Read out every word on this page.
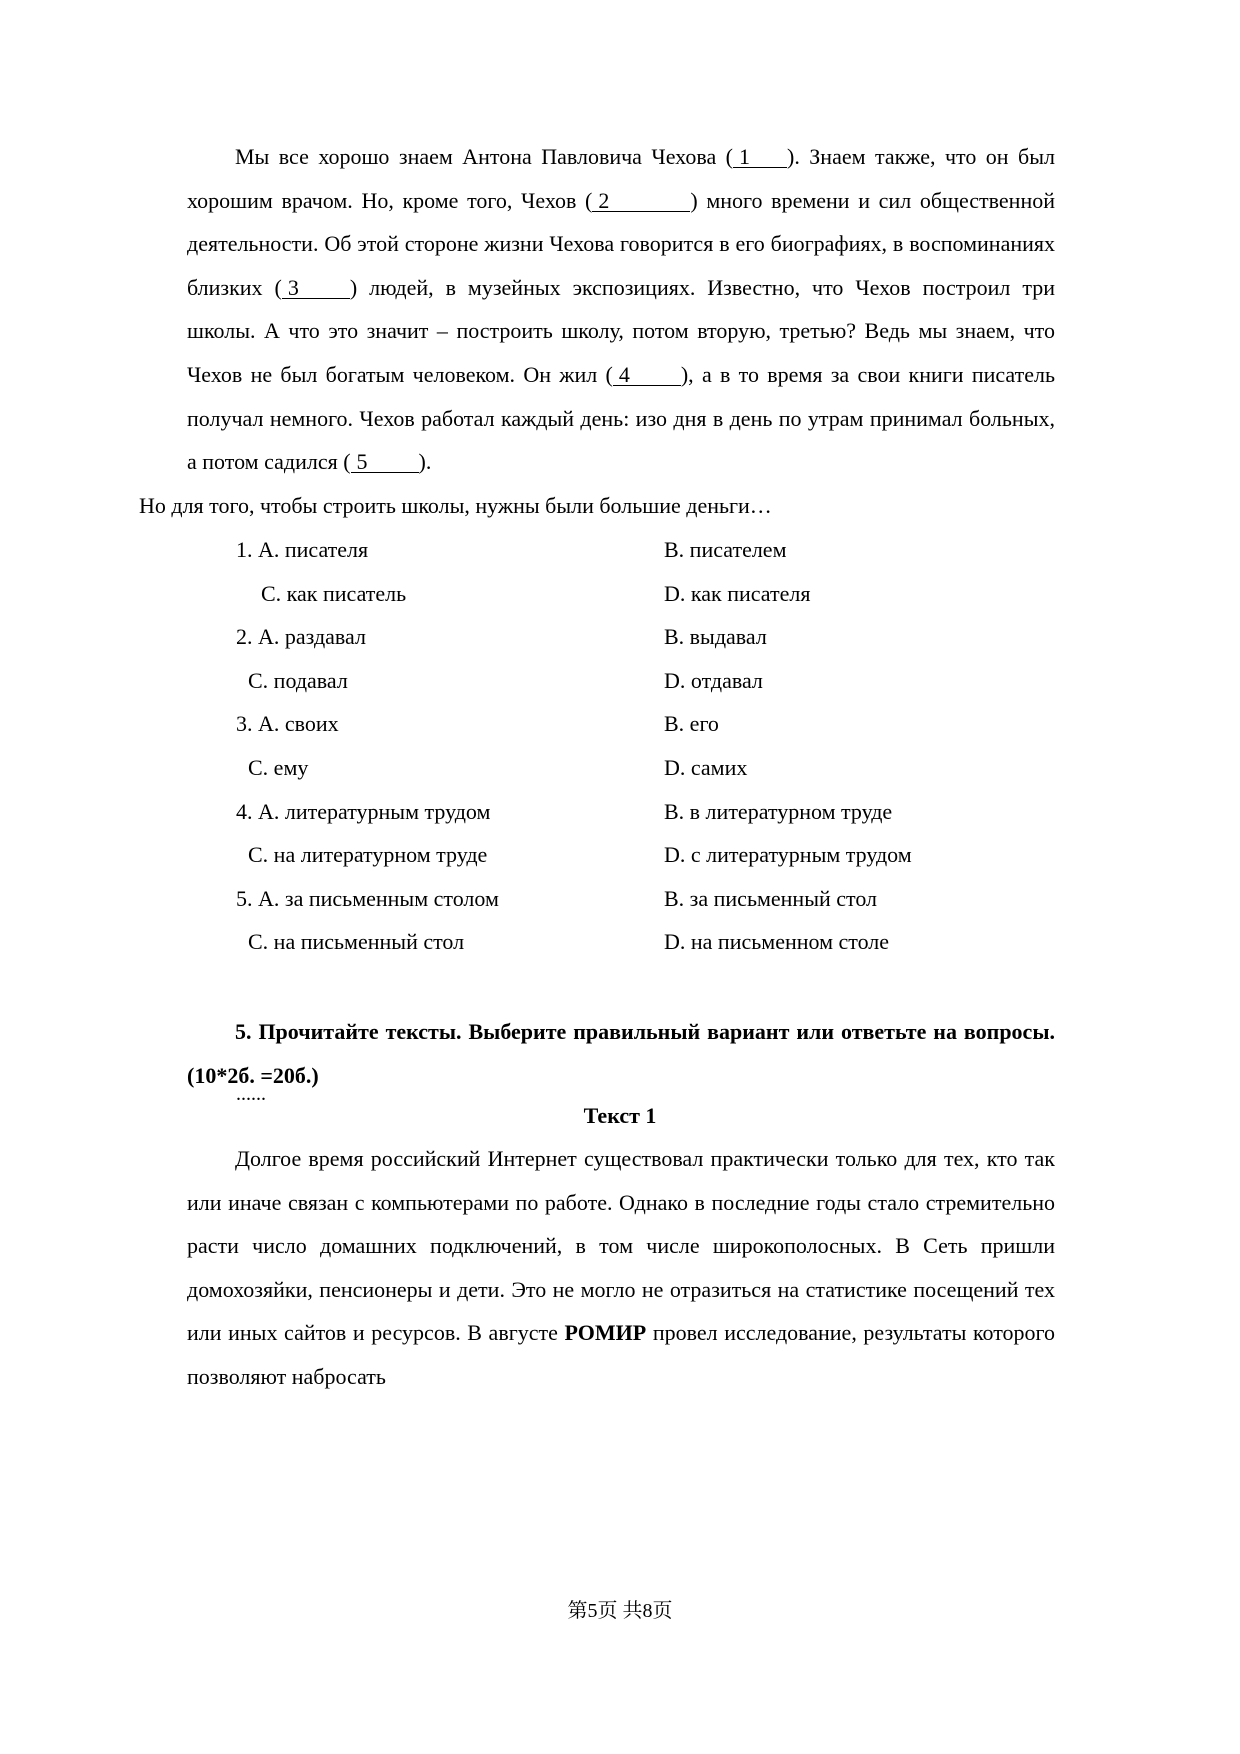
Мы все хорошо знаем Антона Павловича Чехова ( 1 ). Знаем также, что он был хорошим врачом. Но, кроме того, Чехов ( 2	) много времени и сил общественной деятельности. Об этой стороне жизни Чехова говорится в его биографиях, в воспоминаниях близких ( 3 ) людей, в музейных экспозициях. Известно, что Чехов построил три школы. А что это значит – построить школу, потом вторую, третью? Ведь мы знаем, что Чехов не был богатым человеком. Он жил ( 4 ), а в то время за свои книги писатель получал немного. Чехов работал каждый день: изо дня в день по утрам принимал больных, а потом садился ( 5 ).
Но для того, чтобы строить школы, нужны были большие деньги…

1. А. писателя	B. писателем
C. как писатель	D. как писателя
2. А. раздавал	B. выдавал
C. подавал	D. отдавал
3. А. своих	B. его
C. ему	D. самих
4. А. литературным трудом	B. в литературном труде
C. на литературном труде	D. с литературным трудом
5. А. за письменным столом	B. за письменный стол
C. на письменный стол	D. на письменном столе
......

5. Прочитайте тексты. Выберите правильный вариант или ответьте на вопросы. (10*2б. =20б.)

Текст 1

Долгое время российский Интернет существовал практически только для тех, кто так или иначе связан с компьютерами по работе. Однако в последние годы стало стремительно расти число домашних подключений, в том числе широкополосных. В Сеть пришли домохозяйки, пенсионеры и дети. Это не могло не отразиться на статистике посещений тех или иных сайтов и ресурсов. В августе РОМИР провел исследование, результаты которого позволяют набросать

第5页 共8页
